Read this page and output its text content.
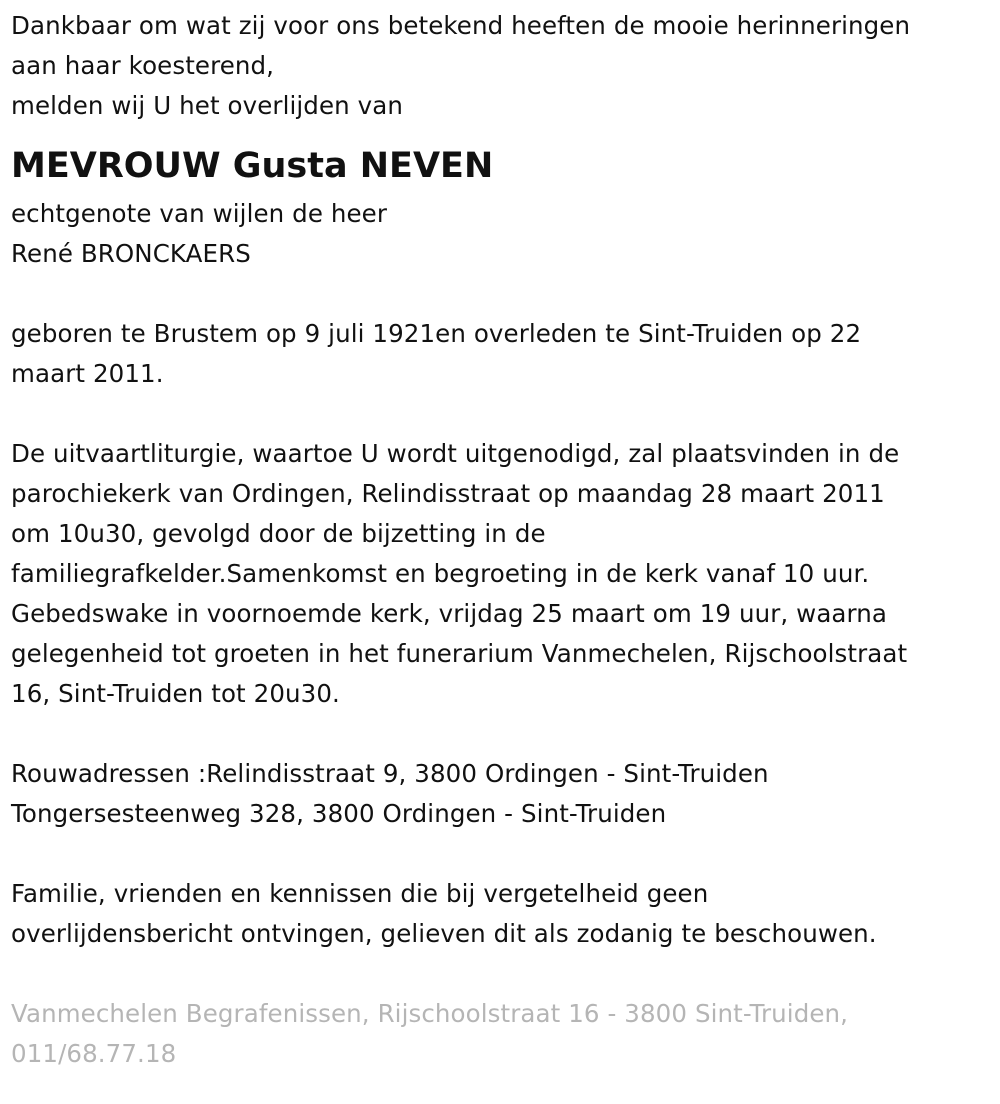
Dankbaar om wat zij voor ons betekend heeften de mooie herinneringen
aan haar koesterend,
melden wij U het overlijden van
MEVROUW Gusta NEVEN
echtgenote van wijlen de heer
René BRONCKAERS
geboren te Brustem op 9 juli 1921en overleden te Sint-Truiden op 22
maart 2011.
De uitvaartliturgie, waartoe U wordt uitgenodigd, zal plaatsvinden in de
parochiekerk van Ordingen, Relindisstraat op maandag 28 maart 2011
om 10u30, gevolgd door de bijzetting in de
familiegrafkelder.Samenkomst en begroeting in de kerk vanaf 10 uur.
Gebedswake in voornoemde kerk, vrijdag 25 maart om 19 uur, waarna
gelegenheid tot groeten in het funerarium Vanmechelen, Rijschoolstraat
16, Sint-Truiden tot 20u30.
Rouwadressen :Relindisstraat 9, 3800 Ordingen - Sint-Truiden
Tongersesteenweg 328, 3800 Ordingen - Sint-Truiden
Familie, vrienden en kennissen die bij vergetelheid geen
overlijdensbericht ontvingen, gelieven dit als zodanig te beschouwen.
Vanmechelen Begrafenissen, Rijschoolstraat 16 - 3800 Sint-Truiden,
011/68.77.18
